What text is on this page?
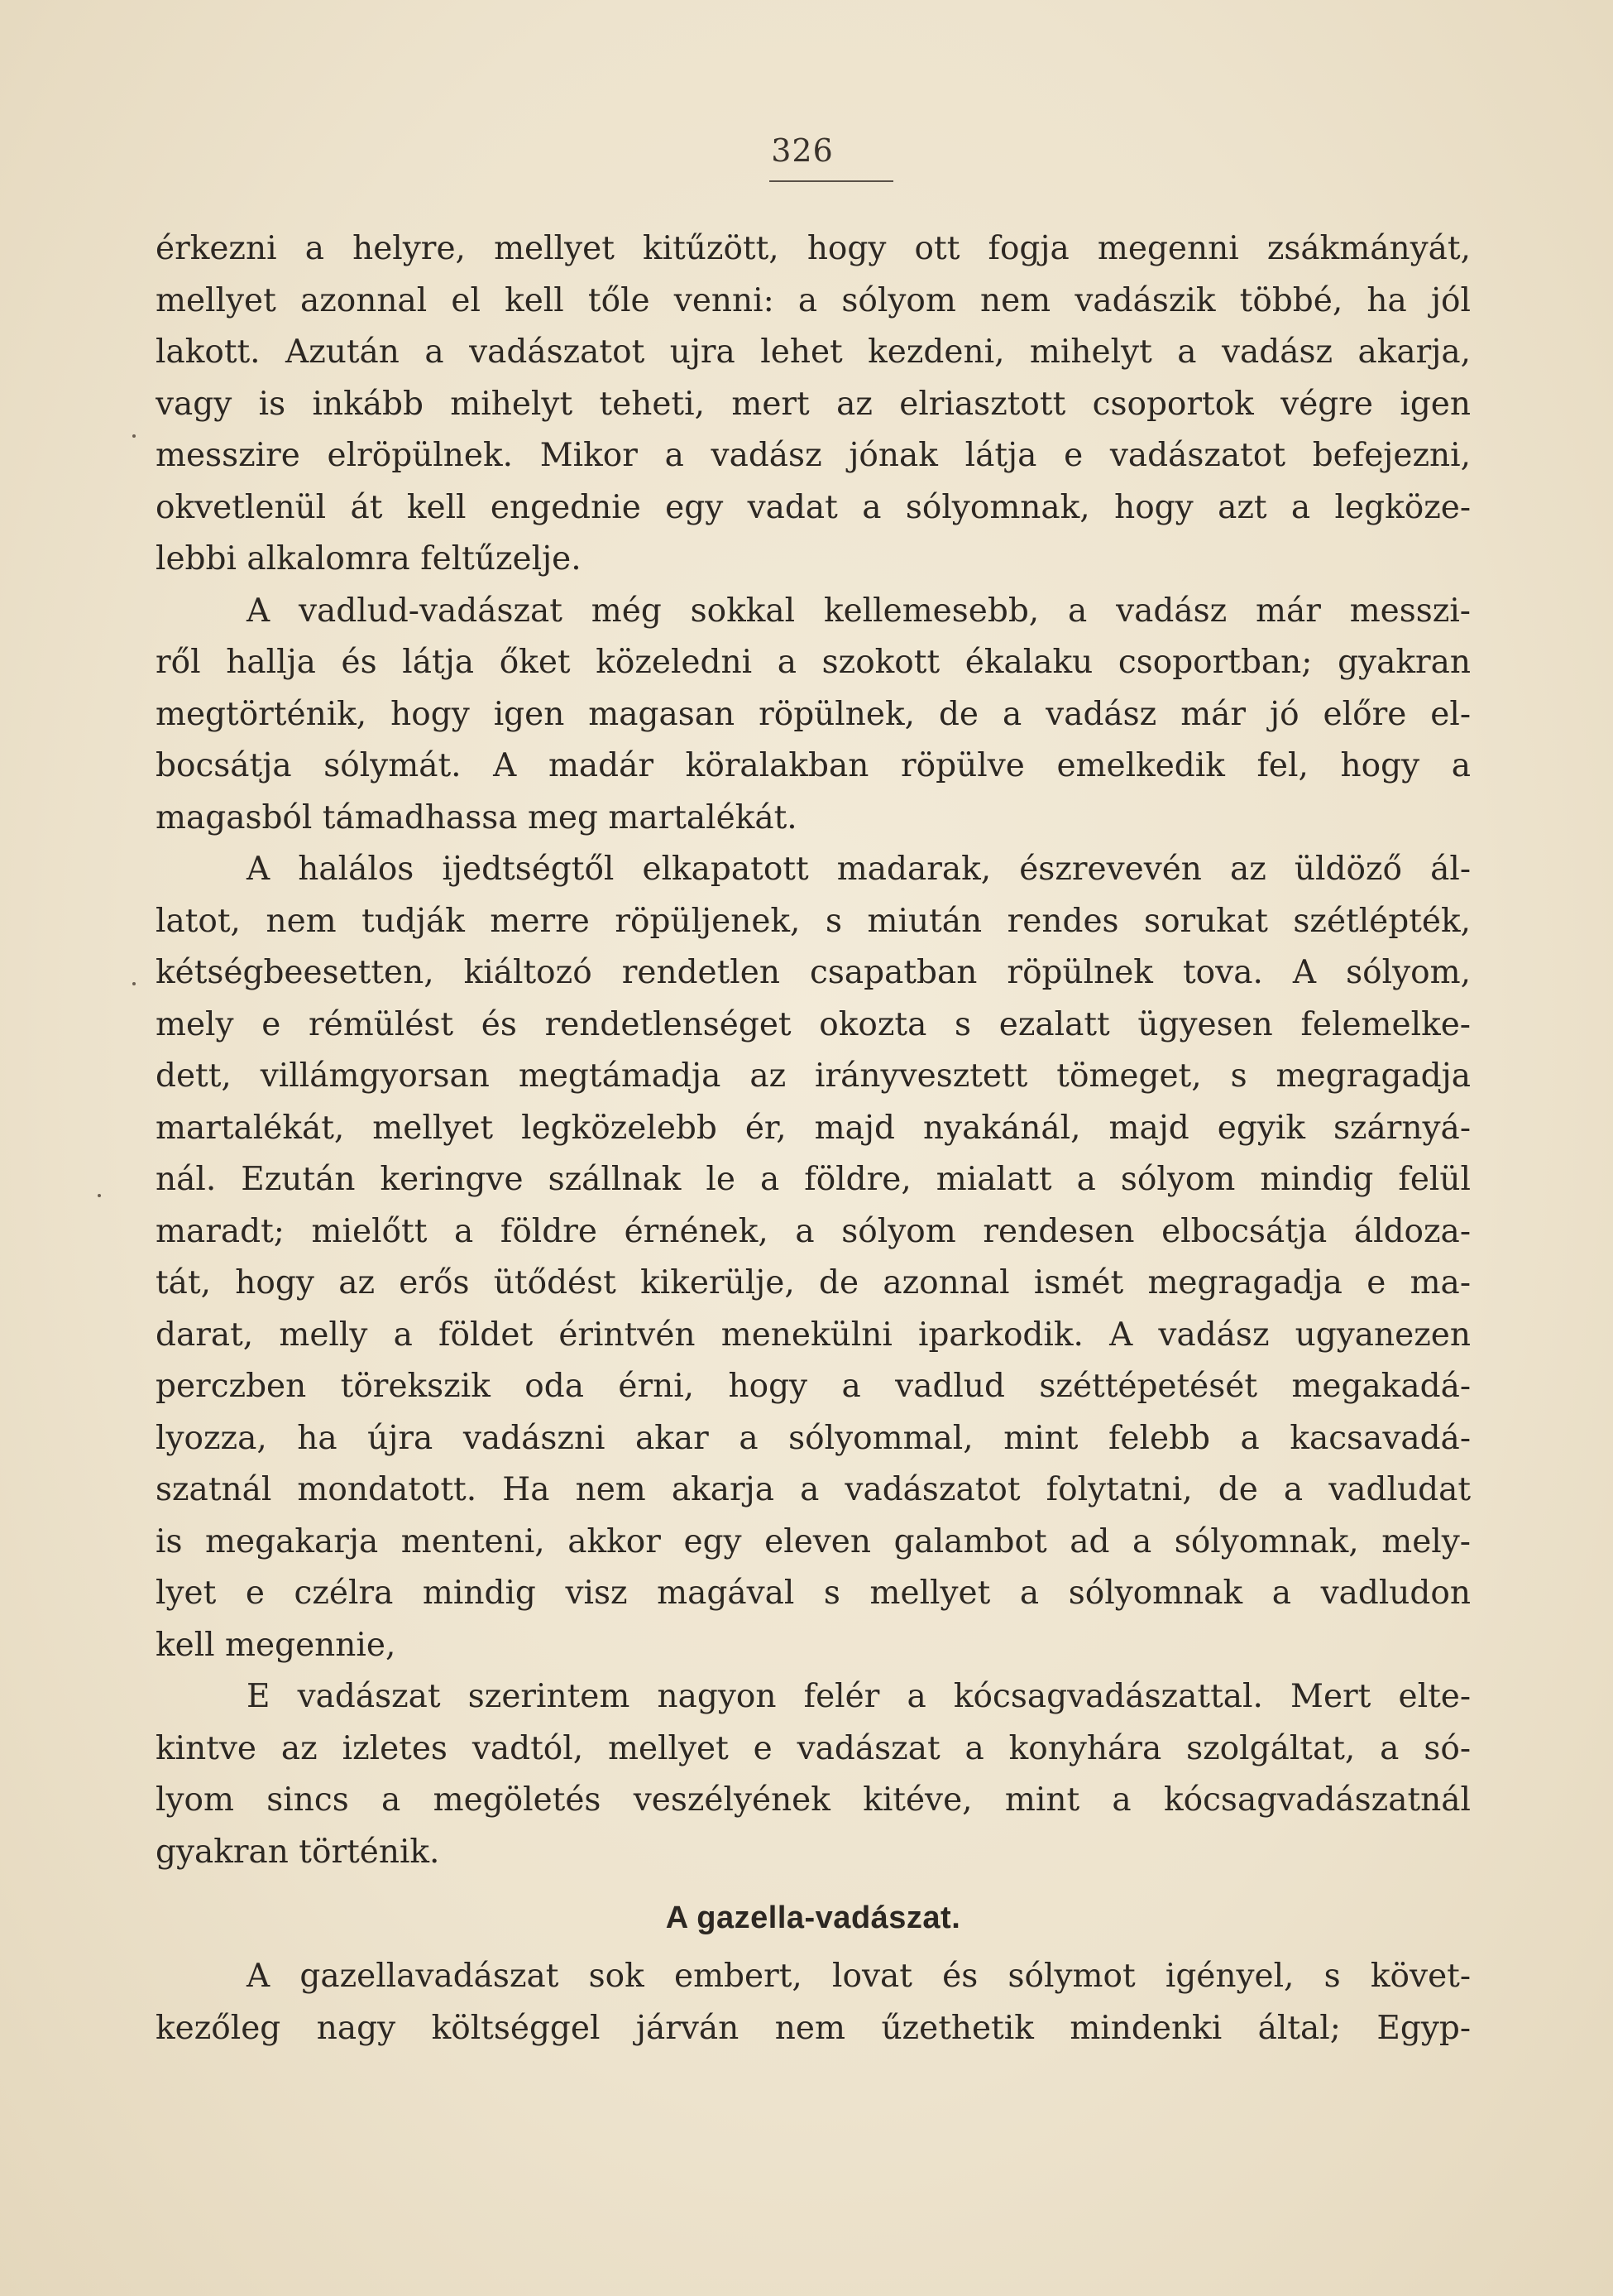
326
érkezni a helyre, mellyet kitűzött, hogy ott fogja megenni zsákmányát,
mellyet azonnal el kell tőle venni: a sólyom nem vadászik többé, ha jól
lakott. Azután a vadászatot ujra lehet kezdeni, mihelyt a vadász akarja,
vagy is inkább mihelyt teheti, mert az elriasztott csoportok végre igen
messzire elröpülnek. Mikor a vadász jónak látja e vadászatot befejezni,
okvetlenül át kell engednie egy vadat a sólyomnak, hogy azt a legköze-
lebbi alkalomra feltűzelje.
A vadlud-vadászat még sokkal kellemesebb, a vadász már messzi-
ről hallja és látja őket közeledni a szokott ékalaku csoportban; gyakran
megtörténik, hogy igen magasan röpülnek, de a vadász már jó előre el-
bocsátja sólymát. A madár köralakban röpülve emelkedik fel, hogy a
magasból támadhassa meg martalékát.
A halálos ijedtségtől elkapatott madarak, észrevevén az üldöző ál-
latot, nem tudják merre röpüljenek, s miután rendes sorukat szétlépték,
kétségbeesetten, kiáltozó rendetlen csapatban röpülnek tova. A sólyom,
mely e rémülést és rendetlenséget okozta s ezalatt ügyesen felemelke-
dett, villámgyorsan megtámadja az irányvesztett tömeget, s megragadja
martalékát, mellyet legközelebb ér, majd nyakánál, majd egyik szárnyá-
nál. Ezután keringve szállnak le a földre, mialatt a sólyom mindig felül
maradt; mielőtt a földre érnének, a sólyom rendesen elbocsátja áldoza-
tát, hogy az erős ütődést kikerülje, de azonnal ismét megragadja e ma-
darat, melly a földet érintvén menekülni iparkodik. A vadász ugyanezen
perczben törekszik oda érni, hogy a vadlud széttépetését megakadá-
lyozza, ha újra vadászni akar a sólyommal, mint felebb a kacsavadá-
szatnál mondatott. Ha nem akarja a vadászatot folytatni, de a vadludat
is megakarja menteni, akkor egy eleven galambot ad a sólyomnak, mely-
lyet e czélra mindig visz magával s mellyet a sólyomnak a vadludon
kell megennie,
E vadászat szerintem nagyon felér a kócsagvadászattal. Mert elte-
kintve az izletes vadtól, mellyet e vadászat a konyhára szolgáltat, a só-
lyom sincs a megöletés veszélyének kitéve, mint a kócsagvadászatnál
gyakran történik.
A gazella-vadászat.
A gazellavadászat sok embert, lovat és sólymot igényel, s követ-
kezőleg nagy költséggel járván nem űzethetik mindenki által; Egyp-
